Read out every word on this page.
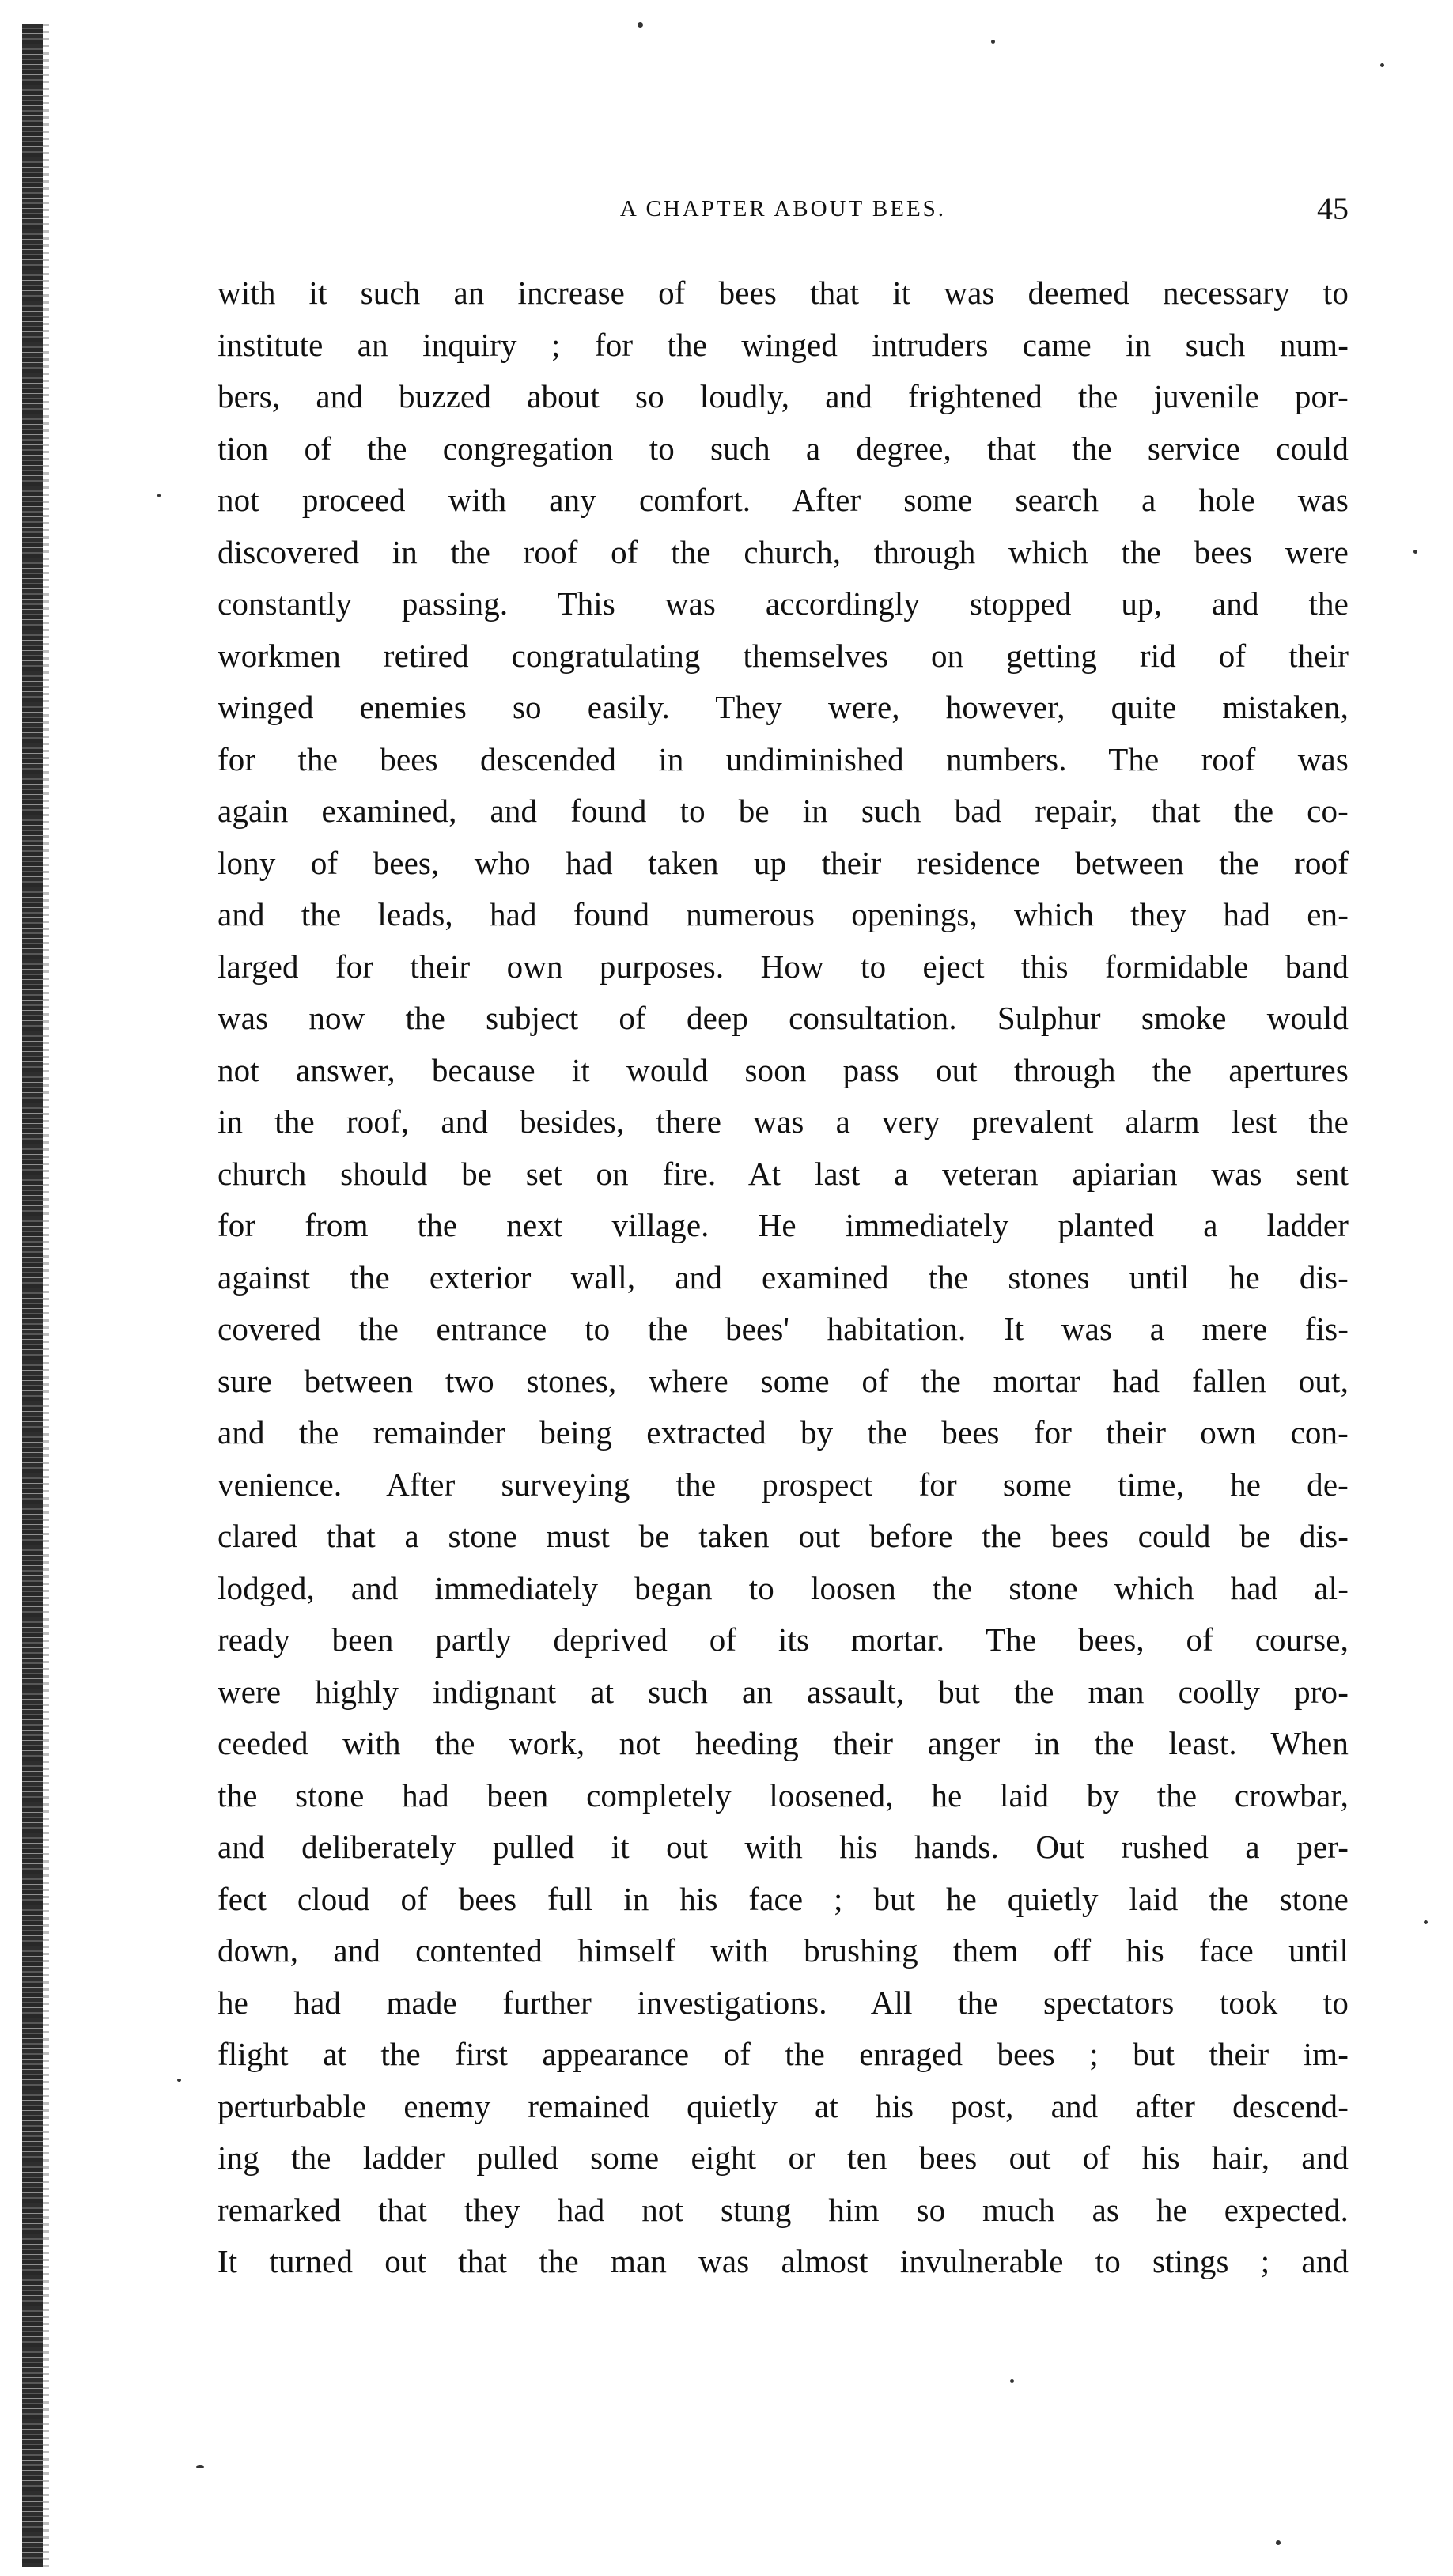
A CHAPTER ABOUT BEES.	45
with it such an increase of bees that it was deemed necessary to
institute an inquiry ; for the winged intruders came in such num-
bers, and buzzed about so loudly, and frightened the juvenile por-
tion of the congregation to such a degree, that the service could
not proceed with any comfort. After some search a hole was
discovered in the roof of the church, through which the bees were
constantly passing. This was accordingly stopped up, and the
workmen retired congratulating themselves on getting rid of their
winged enemies so easily. They were, however, quite mistaken,
for the bees descended in undiminished numbers. The roof was
again examined, and found to be in such bad repair, that the co-
lony of bees, who had taken up their residence between the roof
and the leads, had found numerous openings, which they had en-
larged for their own purposes. How to eject this formidable band
was now the subject of deep consultation. Sulphur smoke would
not answer, because it would soon pass out through the apertures
in the roof, and besides, there was a very prevalent alarm lest the
church should be set on fire. At last a veteran apiarian was sent
for from the next village. He immediately planted a ladder
against the exterior wall, and examined the stones until he dis-
covered the entrance to the bees' habitation. It was a mere fis-
sure between two stones, where some of the mortar had fallen out,
and the remainder being extracted by the bees for their own con-
venience. After surveying the prospect for some time, he de-
clared that a stone must be taken out before the bees could be dis-
lodged, and immediately began to loosen the stone which had al-
ready been partly deprived of its mortar. The bees, of course,
were highly indignant at such an assault, but the man coolly pro-
ceeded with the work, not heeding their anger in the least. When
the stone had been completely loosened, he laid by the crowbar,
and deliberately pulled it out with his hands. Out rushed a per-
fect cloud of bees full in his face ; but he quietly laid the stone
down, and contented himself with brushing them off his face until
he had made further investigations. All the spectators took to
flight at the first appearance of the enraged bees ; but their im-
perturbable enemy remained quietly at his post, and after descend-
ing the ladder pulled some eight or ten bees out of his hair, and
remarked that they had not stung him so much as he expected.
It turned out that the man was almost invulnerable to stings ; and
